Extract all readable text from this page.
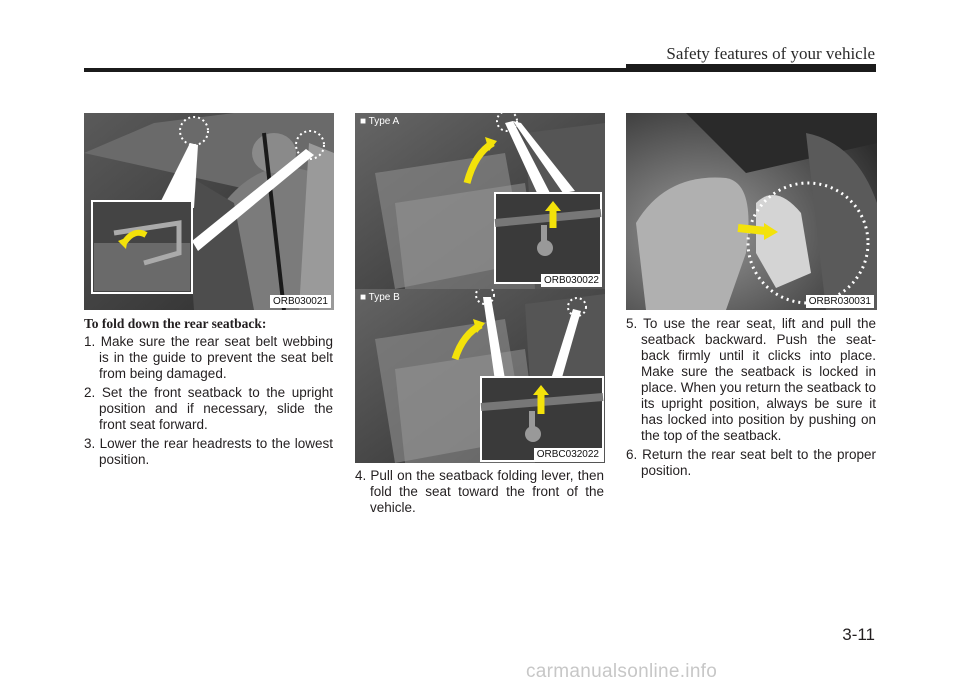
Safety features of your vehicle
ORB030021
■ Type A
ORB030022
■ Type B
ORBC032022
ORBR030031

To fold down the rear seatback:

1. Make sure the rear seat belt webbing is in the guide to prevent the seat belt from being damaged.

2. Set the front seatback to the upright position and if necessary, slide the front seat forward.

3. Lower the rear headrests to the lowest position.

4. Pull on the seatback folding lever, then fold the seat toward the front of the vehicle.

5. To use the rear seat, lift and pull the seatback backward. Push the seat- back firmly until it clicks into place. Make sure the seatback is locked in place. When you return the seatback to its upright position, always be sure it has locked into position by pushing on the top of the seatback.

6. Return the rear seat belt to the proper position.

3-11
carmanualsonline.info
